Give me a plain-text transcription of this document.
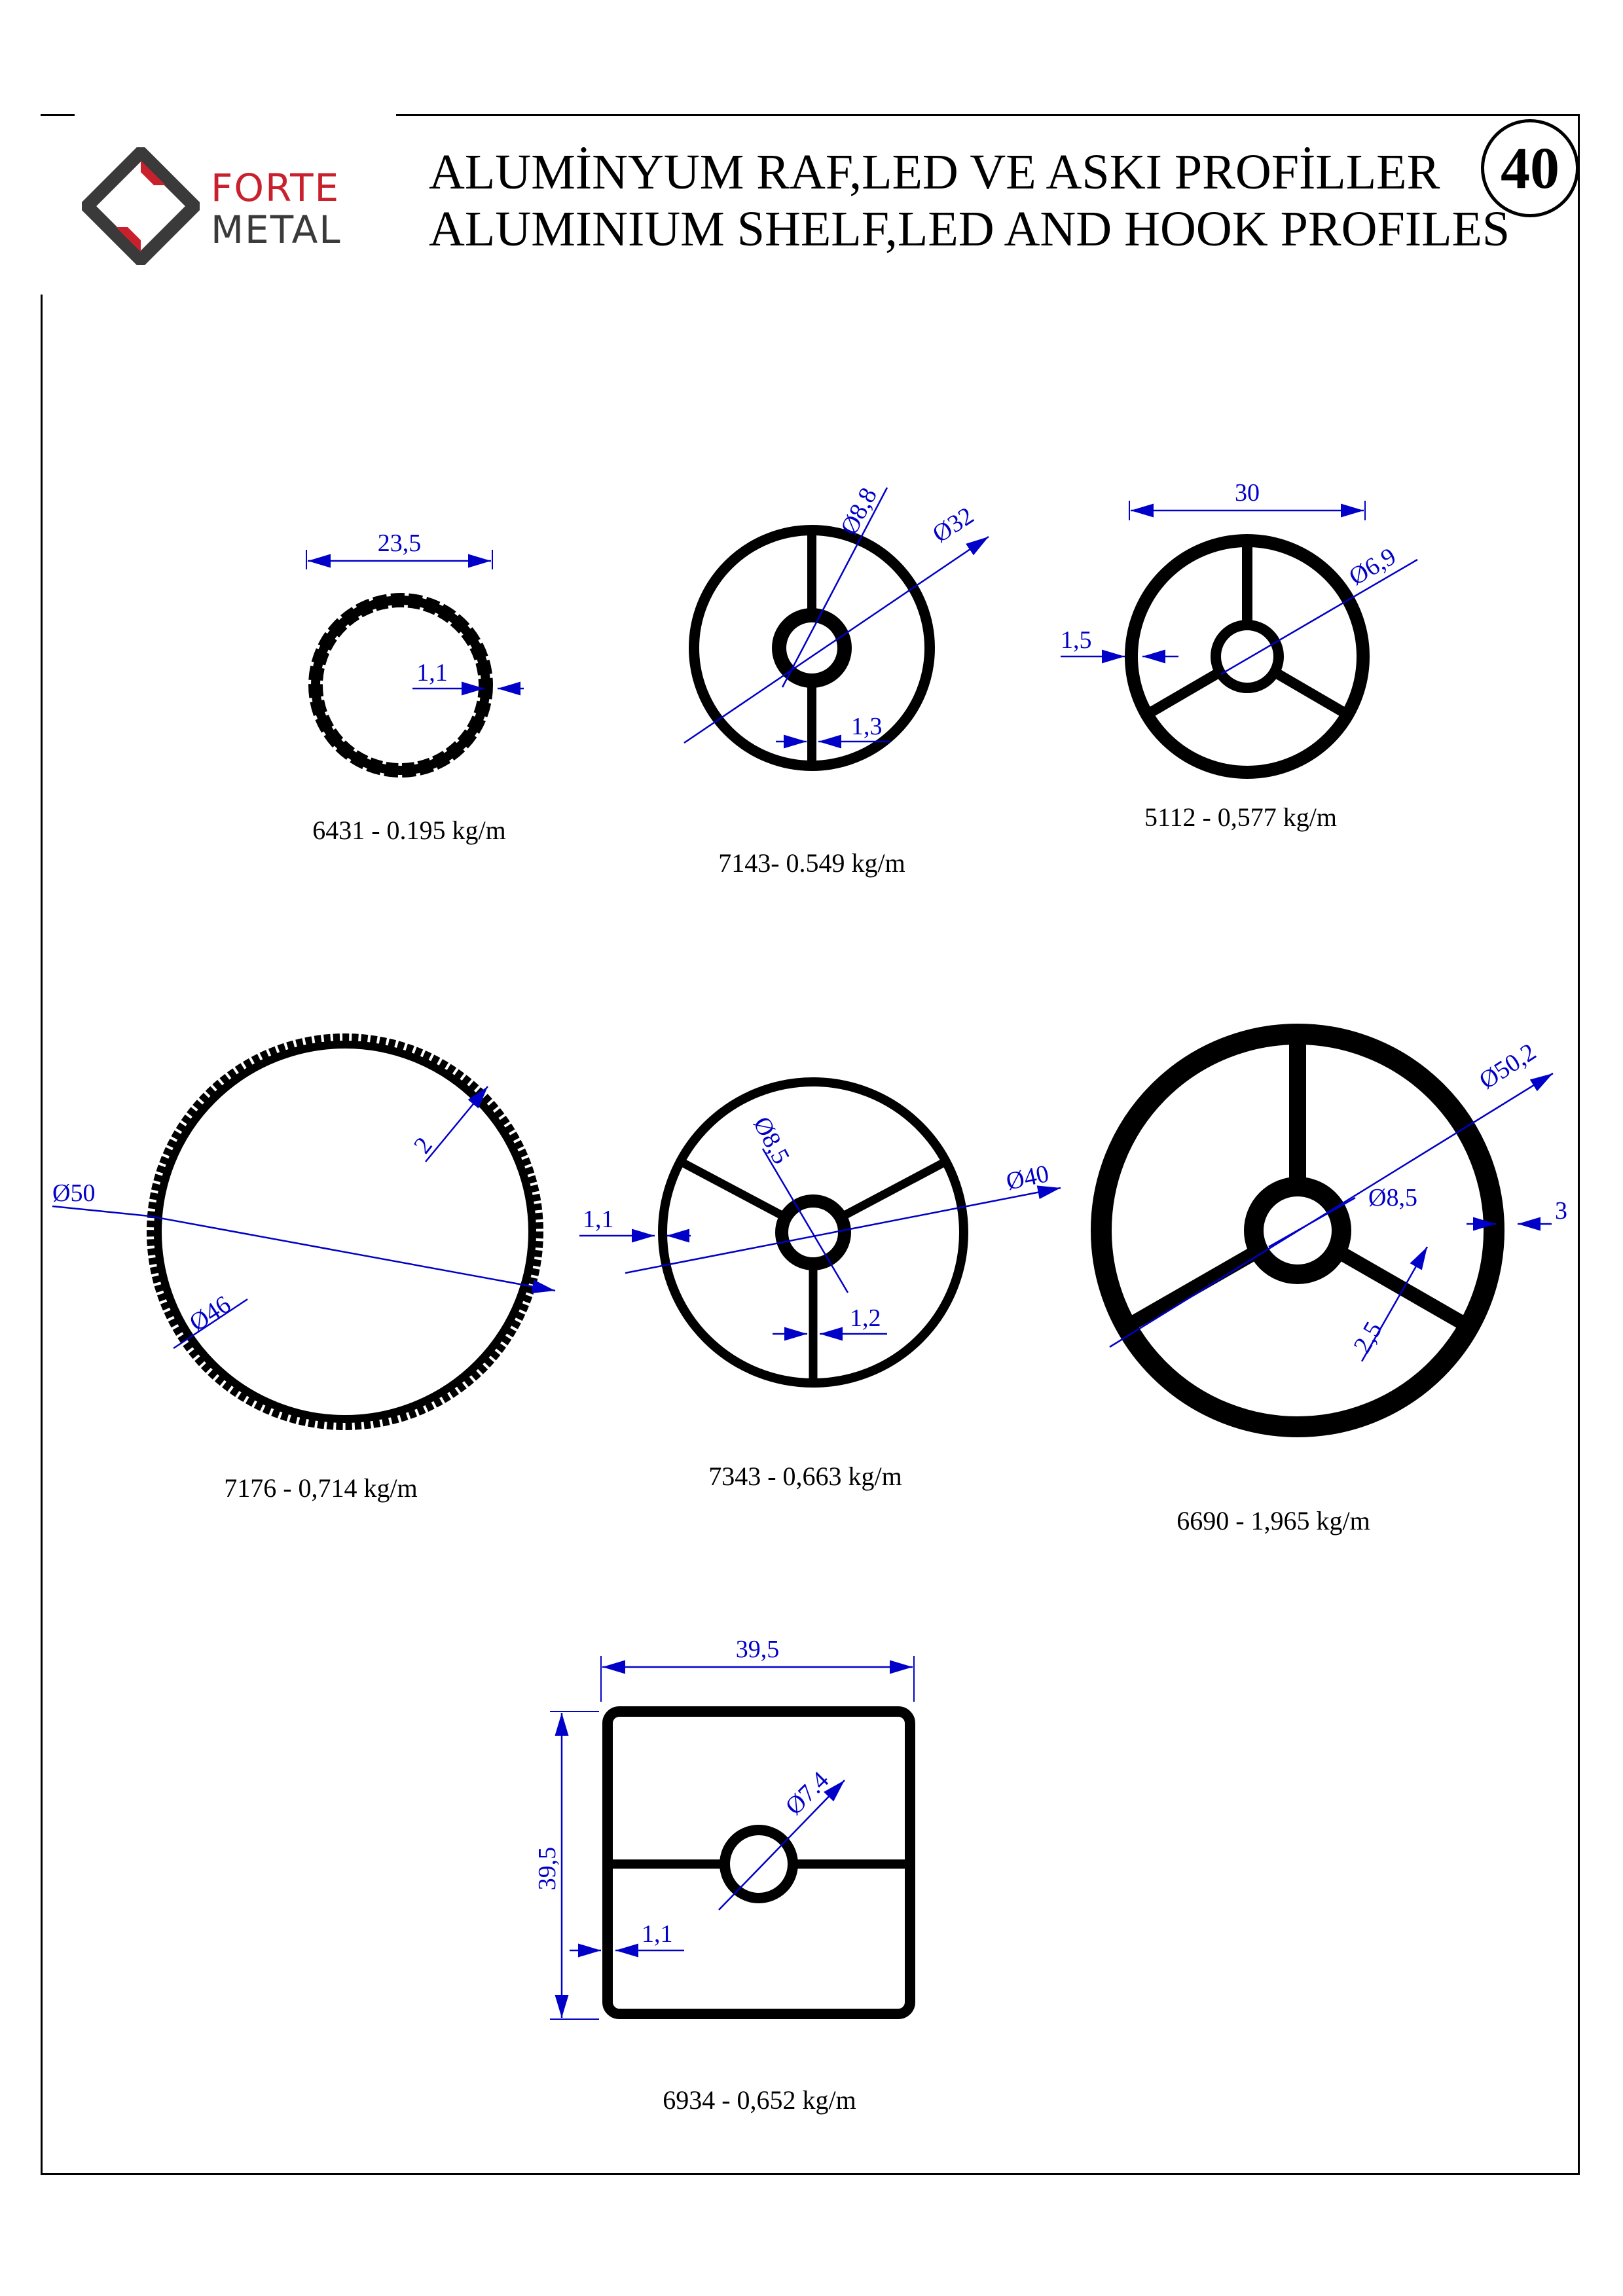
FORTE
METAL
ALUMİNYUM RAF,LED VE ASKI PROFİLLER
ALUMINIUM SHELF,LED AND HOOK PROFILES
40
23,5
1,1
Ø32
Ø8,8
1,3
30
Ø6,9
1,5
Ø50
Ø46
2
Ø40
Ø8,5
1,1
1,2
Ø50,2
Ø8,5	3
2,5
39,5
39,5
Ø7.4
1,1
6431 - 0.195 kg/m
7143- 0.549 kg/m
5112 - 0,577 kg/m
7176 - 0,714 kg/m	7343 - 0,663 kg/m
6690 - 1,965 kg/m
6934 - 0,652 kg/m
